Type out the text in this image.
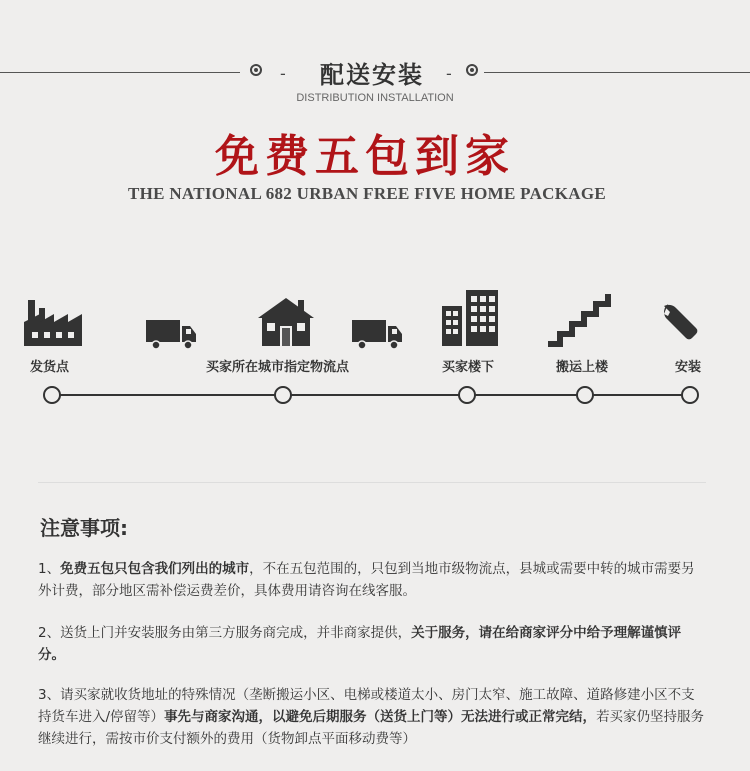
-	配送安装	-
DISTRIBUTION INSTALLATION
免费五包到家
THE NATIONAL 682 URBAN FREE FIVE HOME PACKAGE
发货点	买家所在城市指定物流点	买家楼下	搬运上楼	安装
注意事项:
1、免费五包只包含我们列出的城市，不在五包范围的，只包到当地市级物流点，县城或需要中转的城市需要另外计费，部分地区需补偿运费差价，具体费用请咨询在线客服。
2、送货上门并安装服务由第三方服务商完成，并非商家提供，关于服务，请在给商家评分中给予理解谨慎评分。
3、请买家就收货地址的特殊情况（垄断搬运小区、电梯或楼道太小、房门太窄、施工故障、道路修建小区不支持货车进入/停留等）事先与商家沟通，以避免后期服务（送货上门等）无法进行或正常完结，若买家仍坚持服务继续进行，需按市价支付额外的费用（货物卸点平面移动费等）
